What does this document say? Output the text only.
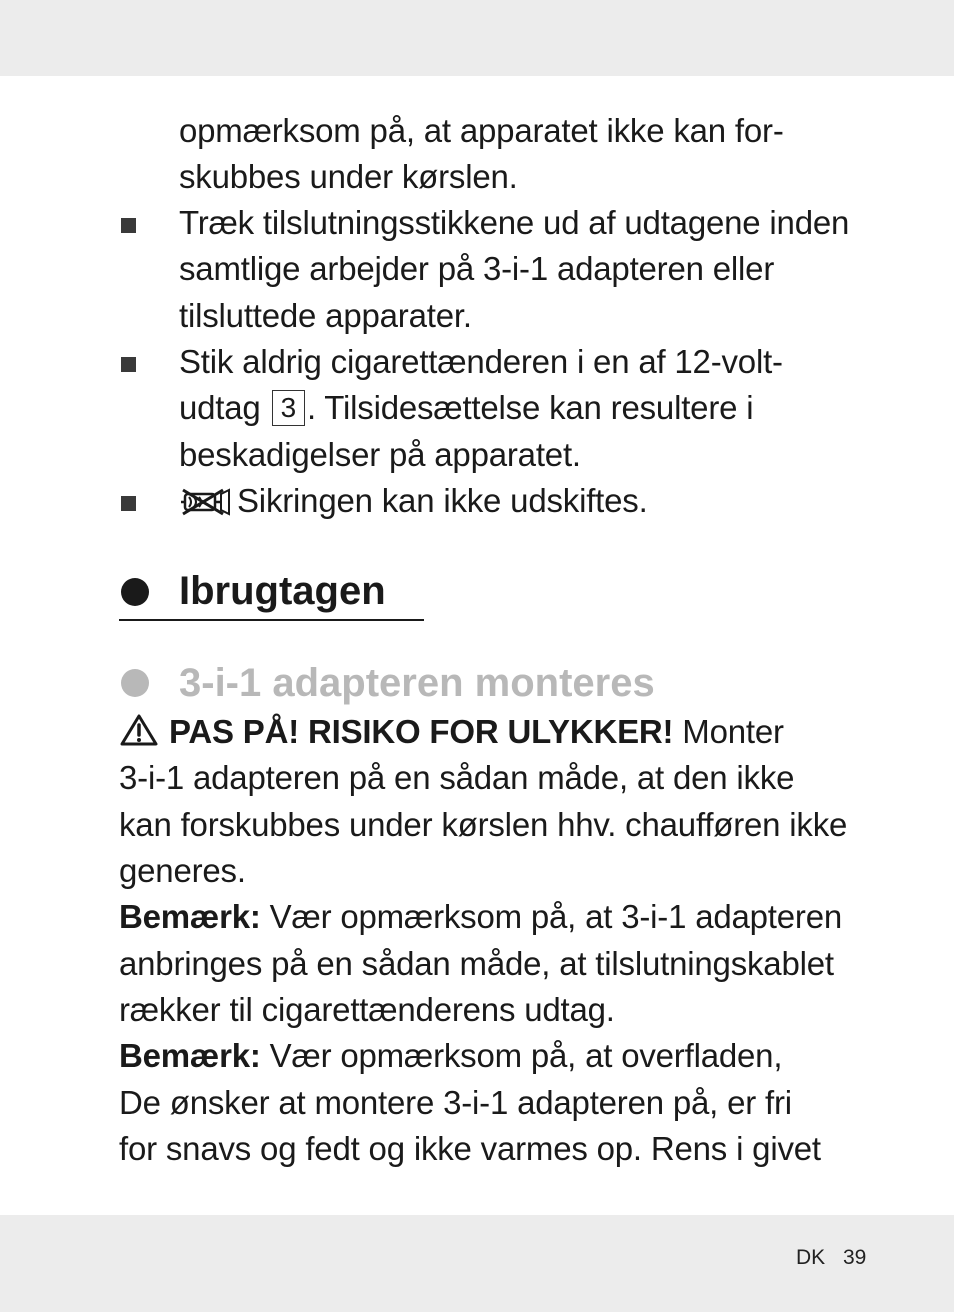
opmærksom på, at apparatet ikke kan for-
skubbes under kørslen.
Træk tilslutningsstikkene ud af udtagene inden
samtlige arbejder på 3-i-1 adapteren eller
tilsluttede apparater.
Stik aldrig cigarettænderen i en af 12-volt-
udtag 3 . Tilsidesættelse kan resultere i
beskadigelser på apparatet.
Sikringen kan ikke udskiftes.
Ibrugtagen
3-i-1 adapteren monteres
PAS PÅ! RISIKO FOR ULYKKER! Monter
3-i-1 adapteren på en sådan måde, at den ikke
kan forskubbes under kørslen hhv. chaufføren ikke
generes.
Bemærk: Vær opmærksom på, at 3-i-1 adapteren
anbringes på en sådan måde, at tilslutningskablet
rækker til cigarettænderens udtag.
Bemærk: Vær opmærksom på, at overfladen,
De ønsker at montere 3-i-1 adapteren på, er fri
for snavs og fedt og ikke varmes op. Rens i givet
DK 39
